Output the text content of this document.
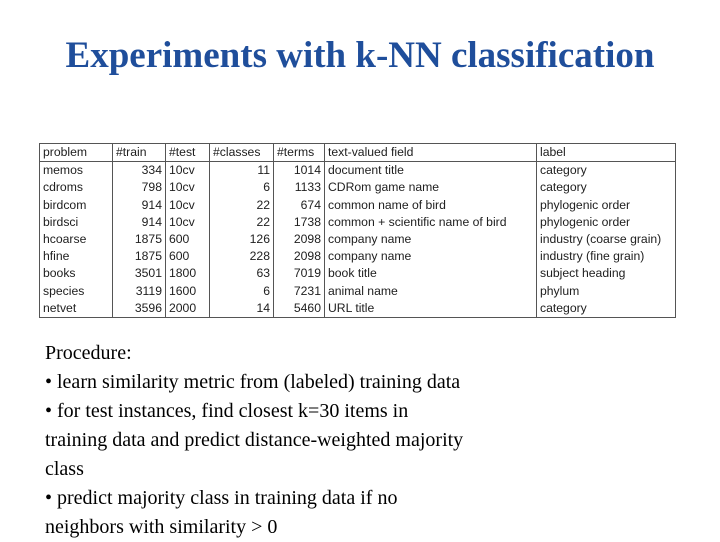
Experiments with k-NN classification
problem	#train	#test	#classes	#terms	text-valued field	label
memos	334	10cv	11	1014	document title	category
cdroms	798	10cv	6	1133	CDRom game name	category
birdcom	914	10cv	22	674	common name of bird	phylogenic order
birdsci	914	10cv	22	1738	common + scientific name of bird	phylogenic order
hcoarse	1875	600	126	2098	company name	industry (coarse grain)
hfine	1875	600	228	2098	company name	industry (fine grain)
books	3501	1800	63	7019	book title	subject heading
species	3119	1600	6	7231	animal name	phylum
netvet	3596	2000	14	5460	URL title	category
Procedure:
• learn similarity metric from (labeled) training data
• for test instances, find closest k=30 items in
training data and predict distance-weighted majority
class
• predict majority class in training data if no
neighbors with similarity > 0
